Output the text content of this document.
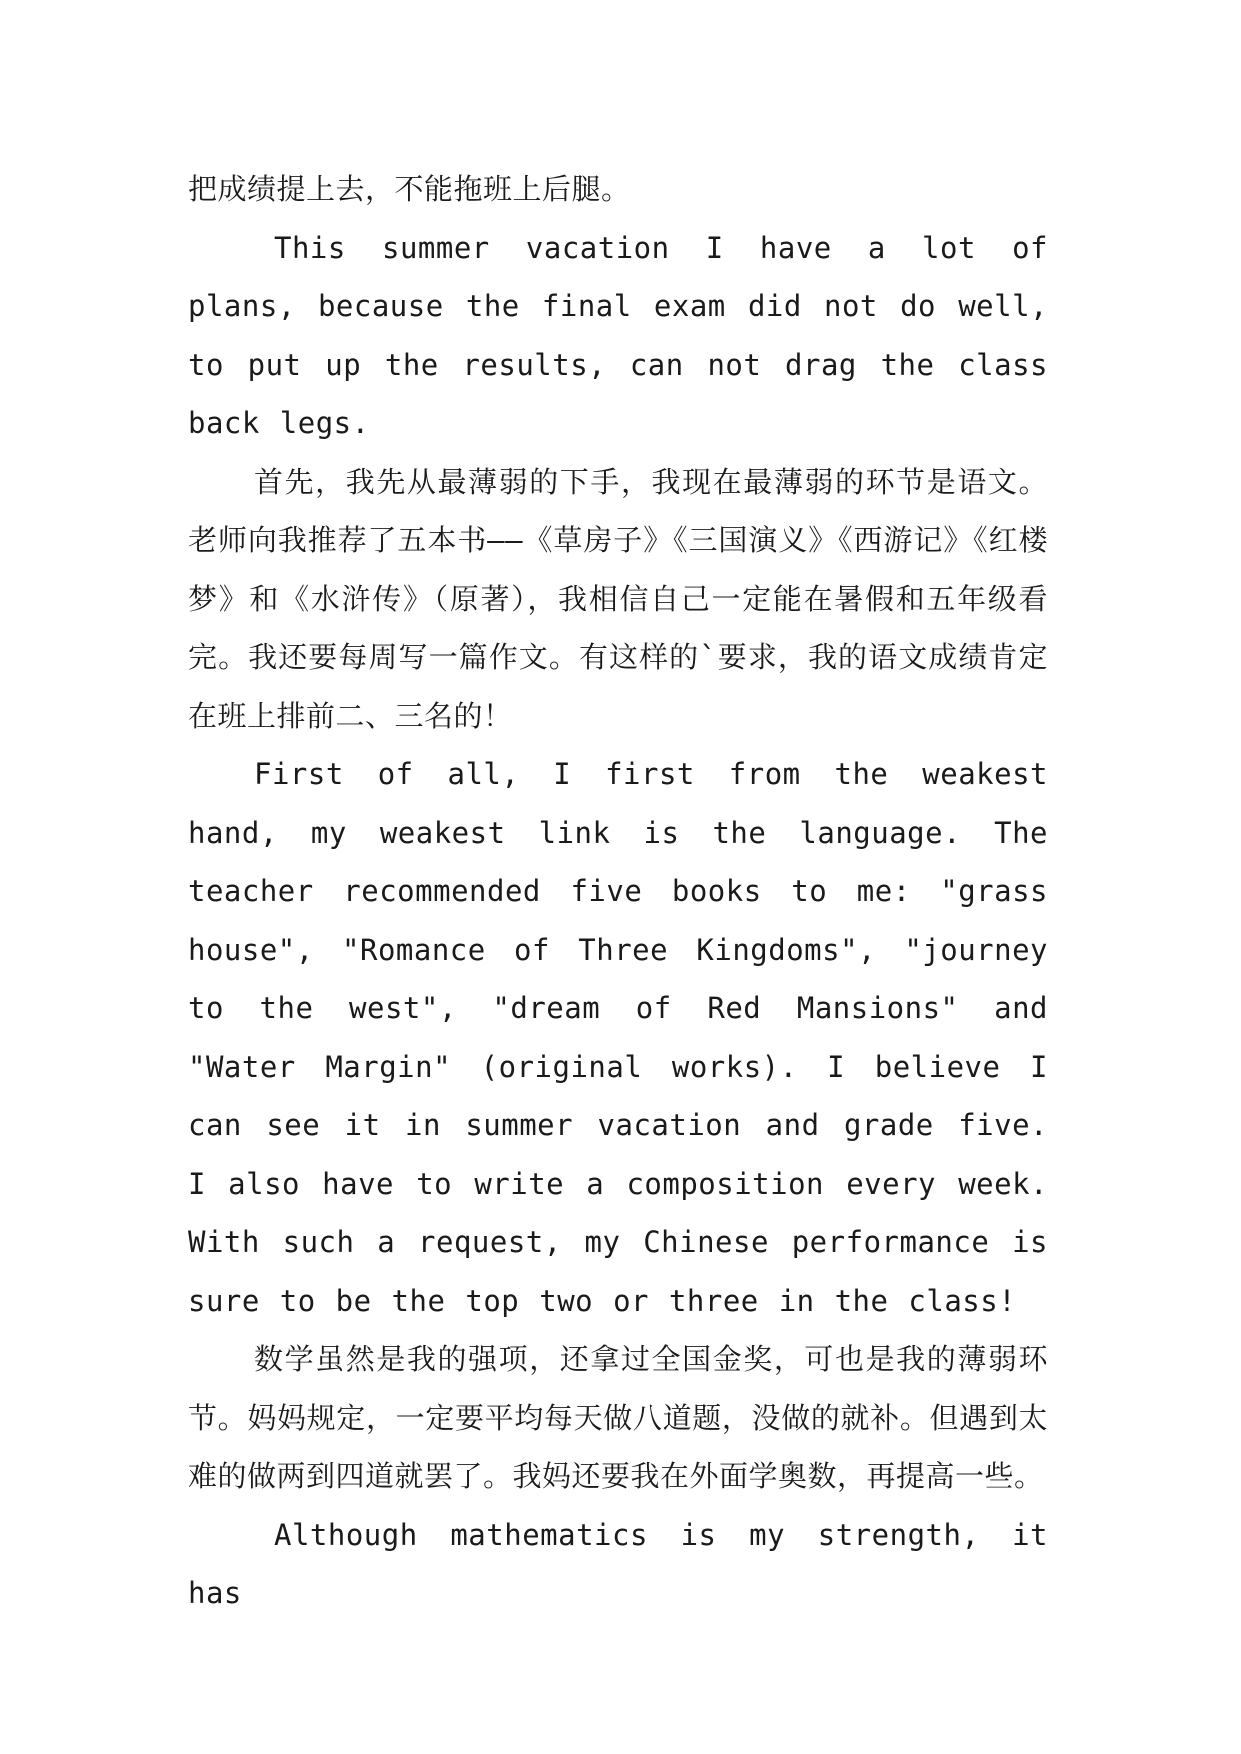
把成绩提上去，不能拖班上后腿。

This summer vacation I have a lot of plans, because the final exam did not do well, to put up the results, can not drag the class back legs.

首先，我先从最薄弱的下手，我现在最薄弱的环节是语文。老师向我推荐了五本书——《草房子》《三国演义》《西游记》《红楼梦》和《水浒传》（原著），我相信自己一定能在暑假和五年级看完。我还要每周写一篇作文。有这样的`要求，我的语文成绩肯定在班上排前二、三名的！

First of all, I first from the weakest hand, my weakest link is the language. The teacher recommended five books to me: "grass house", "Romance of Three Kingdoms", "journey to the west", "dream of Red Mansions" and "Water Margin" (original works). I believe I can see it in summer vacation and grade five. I also have to write a composition every week. With such a request, my Chinese performance is sure to be the top two or three in the class!

数学虽然是我的强项，还拿过全国金奖，可也是我的薄弱环节。妈妈规定，一定要平均每天做八道题，没做的就补。但遇到太难的做两到四道就罢了。我妈还要我在外面学奥数，再提高一些。

Although mathematics is my strength, it has
